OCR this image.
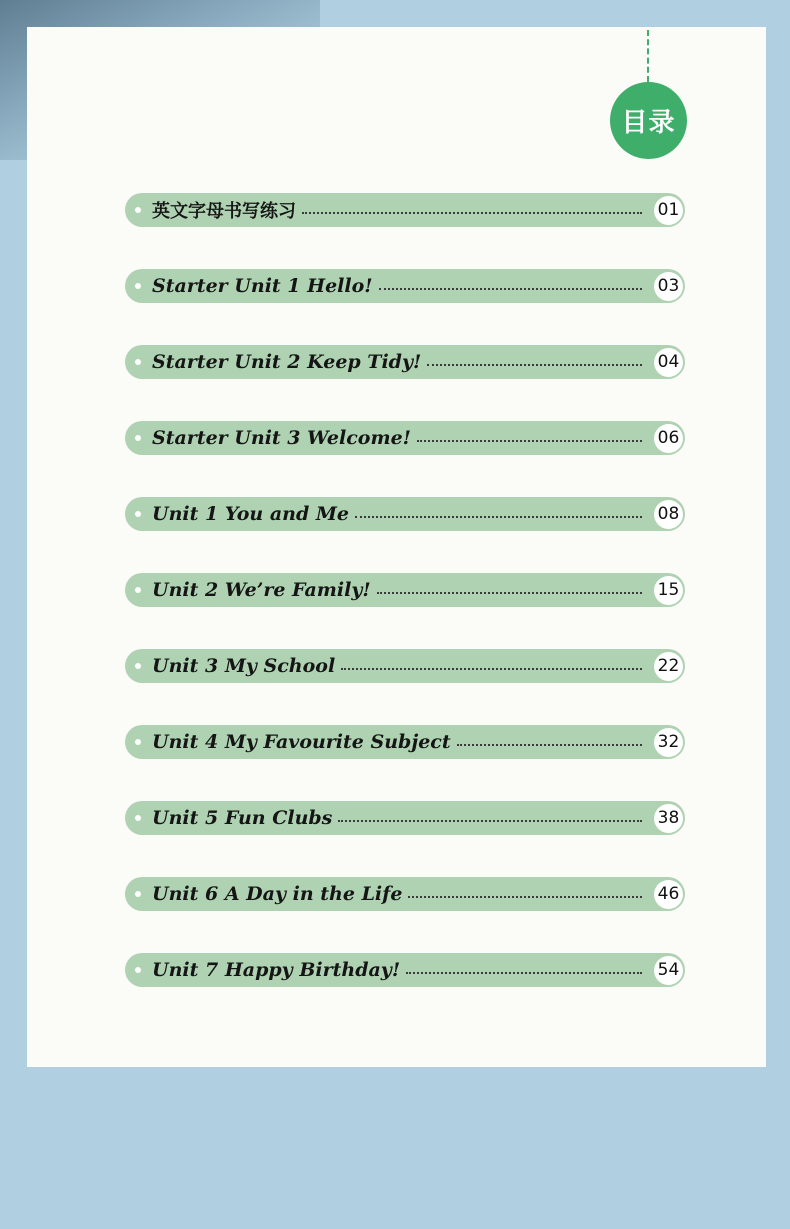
目录
英文字母书写练习	01
Starter Unit 1 Hello!	03
Starter Unit 2 Keep Tidy!	04
Starter Unit 3 Welcome!	06
Unit 1 You and Me	08
Unit 2 We’re Family!	15
Unit 3 My School	22
Unit 4 My Favourite Subject	32
Unit 5 Fun Clubs	38
Unit 6 A Day in the Life	46
Unit 7 Happy Birthday!	54
